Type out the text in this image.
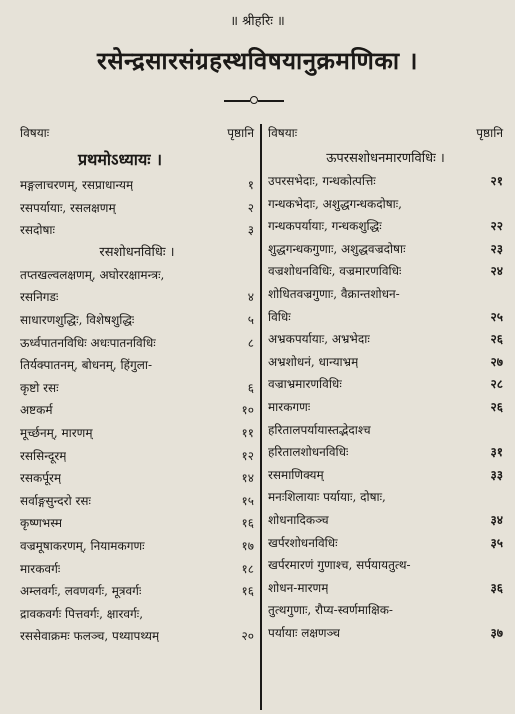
॥ श्रीहरिः ॥
रसेन्द्रसारसंग्रहस्थविषयानुक्रमणिका ।
विषयाः	पृष्ठानि
प्रथमोऽध्यायः ।
मङ्गलाचरणम्, रसप्राधान्यम्	१
रसपर्यायाः, रसलक्षणम्	२
रसदोषाः	३
रसशोधनविधिः ।
तप्तखल्वलक्षणम्, अघोररक्षामन्त्रः,
रसनिगडः	४
साधारणशुद्धिः, विशेषशुद्धिः	५
ऊर्ध्वपातनविधिः अधःपातनविधिः	८
तिर्यक्पातनम्, बोधनम्, हिंगुला-
कृष्टो रसः	६
अष्टकर्म	१०
मूर्च्छनम्, मारणम्	११
रससिन्दूरम्	१२
रसकर्पूरम्	१४
सर्वाङ्गसुन्दरो रसः	१५
कृष्णभस्म	१६
वज्रमूषाकरणम्, नियामकगणः	१७
मारकवर्गः	१८
अम्लवर्गः, लवणवर्गः, मूत्रवर्गः	१६
द्रावकवर्गः पित्तवर्गः, क्षारवर्गः,
रससेवाक्रमः फलञ्च, पथ्यापथ्यम्	२०
विषयाः	पृष्ठानि
ऊपरसशोधनमारणविधिः ।
उपरसभेदाः, गन्धकोत्पत्तिः	२१
गन्धकभेदाः, अशुद्धगन्धकदोषाः,
गन्धकपर्यायाः, गन्धकशुद्धिः	२२
शुद्धगन्धकगुणाः, अशुद्धवज्रदोषाः	२३
वज्रशोधनविधिः, वज्रमारणविधिः	२४
शोधितवज्रगुणाः, वैक्रान्तशोधन-
विधिः	२५
अभ्रकपर्यायाः, अभ्रभेदाः	२६
अभ्रशोधनं, धान्याभ्रम्	२७
वज्राभ्रमारणविधिः	२८
मारकगणः	२६
हरितालपर्यायास्तद्भेदाश्च
हरितालशोधनविधिः	३१
रसमाणिक्यम्	३३
मनःशिलायाः पर्यायाः, दोषाः,
शोधनादिकञ्च	३४
खर्परशोधनविधिः	३५
खर्परमारणं गुणाश्च, सर्पयायतुत्थ-
शोधन-मारणम्	३६
तुत्थगुणाः, रौप्य-स्वर्णमाक्षिक-
पर्यायाः लक्षणञ्च	३७
